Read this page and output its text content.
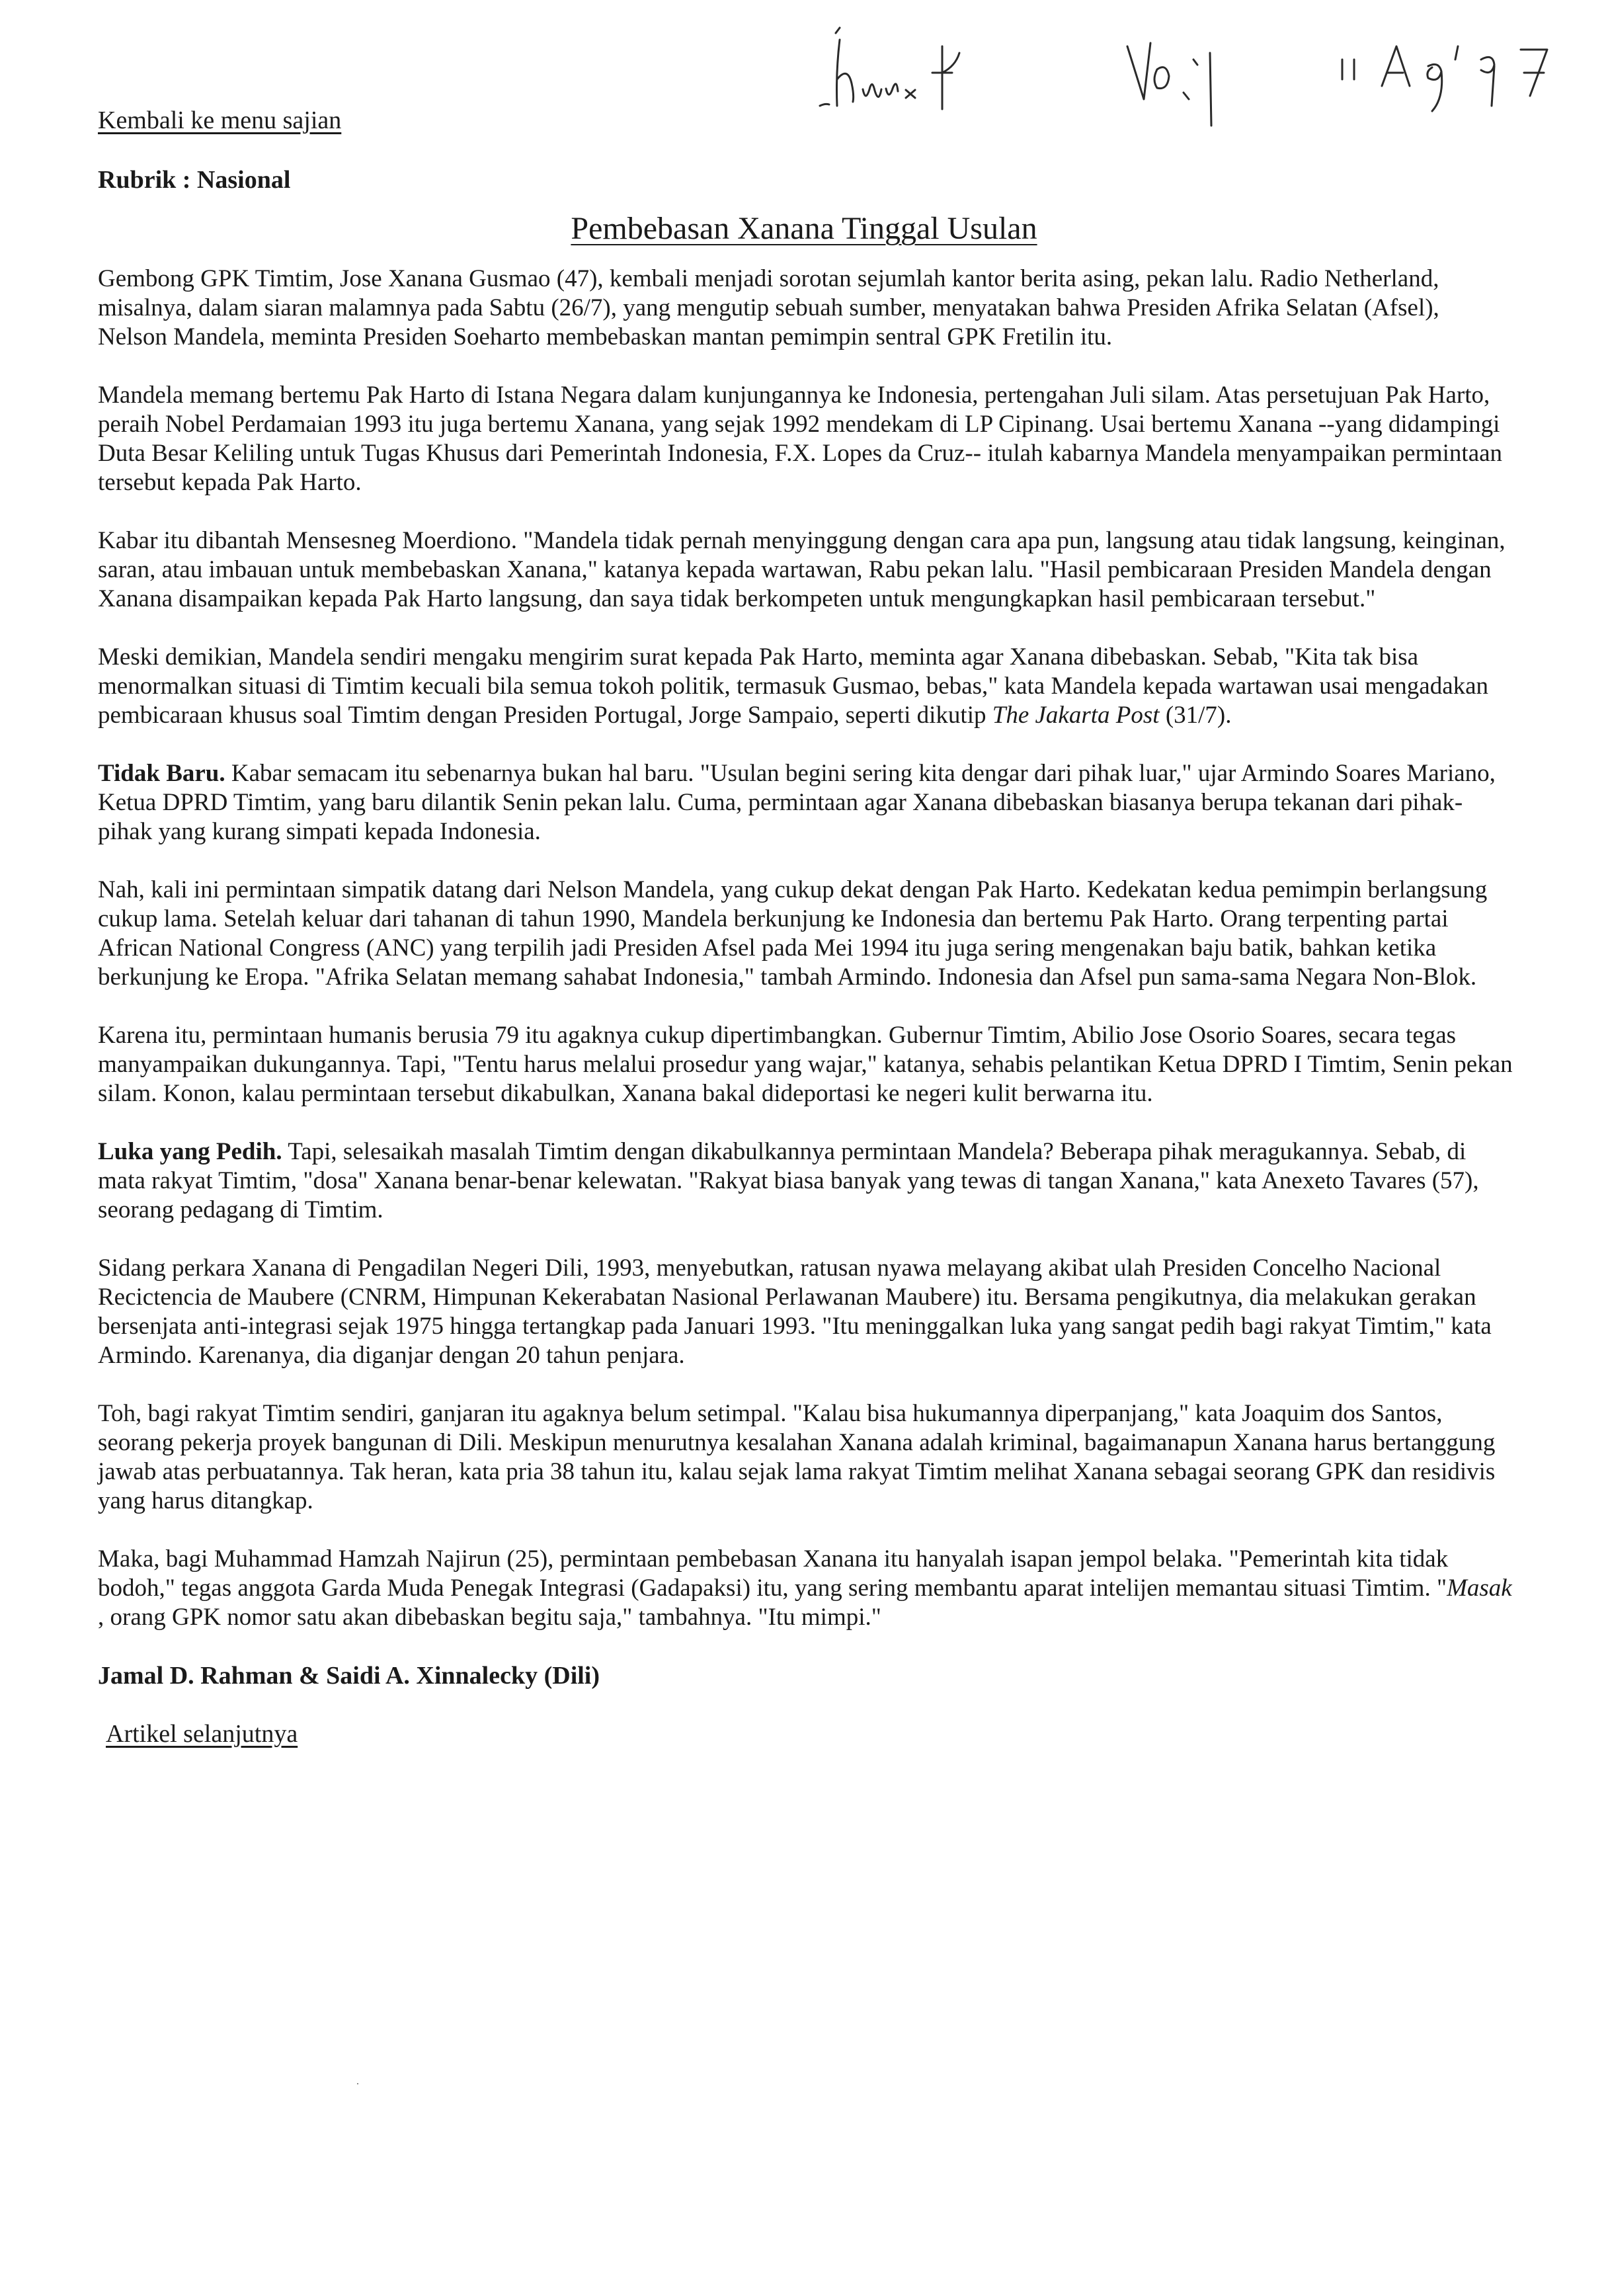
Kembali ke menu sajian
Rubrik : Nasional
Pembebasan Xanana Tinggal Usulan

Gembong GPK Timtim, Jose Xanana Gusmao (47), kembali menjadi sorotan sejumlah kantor berita asing, pekan lalu. Radio Netherland, misalnya, dalam siaran malamnya pada Sabtu (26/7), yang mengutip sebuah sumber, menyatakan bahwa Presiden Afrika Selatan (Afsel), Nelson Mandela, meminta Presiden Soeharto membebaskan mantan pemimpin sentral GPK Fretilin itu.

Mandela memang bertemu Pak Harto di Istana Negara dalam kunjungannya ke Indonesia, pertengahan Juli silam. Atas persetujuan Pak Harto, peraih Nobel Perdamaian 1993 itu juga bertemu Xanana, yang sejak 1992 mendekam di LP Cipinang. Usai bertemu Xanana --yang didampingi Duta Besar Keliling untuk Tugas Khusus dari Pemerintah Indonesia, F.X. Lopes da Cruz-- itulah kabarnya Mandela menyampaikan permintaan tersebut kepada Pak Harto.

Kabar itu dibantah Mensesneg Moerdiono. "Mandela tidak pernah menyinggung dengan cara apa pun, langsung atau tidak langsung, keinginan, saran, atau imbauan untuk membebaskan Xanana," katanya kepada wartawan, Rabu pekan lalu. "Hasil pembicaraan Presiden Mandela dengan Xanana disampaikan kepada Pak Harto langsung, dan saya tidak berkompeten untuk mengungkapkan hasil pembicaraan tersebut."

Meski demikian, Mandela sendiri mengaku mengirim surat kepada Pak Harto, meminta agar Xanana dibebaskan. Sebab, "Kita tak bisa menormalkan situasi di Timtim kecuali bila semua tokoh politik, termasuk Gusmao, bebas," kata Mandela kepada wartawan usai mengadakan pembicaraan khusus soal Timtim dengan Presiden Portugal, Jorge Sampaio, seperti dikutip The Jakarta Post (31/7).

Tidak Baru. Kabar semacam itu sebenarnya bukan hal baru. "Usulan begini sering kita dengar dari pihak luar," ujar Armindo Soares Mariano, Ketua DPRD Timtim, yang baru dilantik Senin pekan lalu. Cuma, permintaan agar Xanana dibebaskan biasanya berupa tekanan dari pihak-pihak yang kurang simpati kepada Indonesia.

Nah, kali ini permintaan simpatik datang dari Nelson Mandela, yang cukup dekat dengan Pak Harto. Kedekatan kedua pemimpin berlangsung cukup lama. Setelah keluar dari tahanan di tahun 1990, Mandela berkunjung ke Indonesia dan bertemu Pak Harto. Orang terpenting partai African National Congress (ANC) yang terpilih jadi Presiden Afsel pada Mei 1994 itu juga sering mengenakan baju batik, bahkan ketika berkunjung ke Eropa. "Afrika Selatan memang sahabat Indonesia," tambah Armindo. Indonesia dan Afsel pun sama-sama Negara Non-Blok.

Karena itu, permintaan humanis berusia 79 itu agaknya cukup dipertimbangkan. Gubernur Timtim, Abilio Jose Osorio Soares, secara tegas manyampaikan dukungannya. Tapi, "Tentu harus melalui prosedur yang wajar," katanya, sehabis pelantikan Ketua DPRD I Timtim, Senin pekan silam. Konon, kalau permintaan tersebut dikabulkan, Xanana bakal dideportasi ke negeri kulit berwarna itu.

Luka yang Pedih. Tapi, selesaikah masalah Timtim dengan dikabulkannya permintaan Mandela? Beberapa pihak meragukannya. Sebab, di mata rakyat Timtim, "dosa" Xanana benar-benar kelewatan. "Rakyat biasa banyak yang tewas di tangan Xanana," kata Anexeto Tavares (57), seorang pedagang di Timtim.

Sidang perkara Xanana di Pengadilan Negeri Dili, 1993, menyebutkan, ratusan nyawa melayang akibat ulah Presiden Concelho Nacional Recictencia de Maubere (CNRM, Himpunan Kekerabatan Nasional Perlawanan Maubere) itu. Bersama pengikutnya, dia melakukan gerakan bersenjata anti-integrasi sejak 1975 hingga tertangkap pada Januari 1993. "Itu meninggalkan luka yang sangat pedih bagi rakyat Timtim," kata Armindo. Karenanya, dia diganjar dengan 20 tahun penjara.

Toh, bagi rakyat Timtim sendiri, ganjaran itu agaknya belum setimpal. "Kalau bisa hukumannya diperpanjang," kata Joaquim dos Santos, seorang pekerja proyek bangunan di Dili. Meskipun menurutnya kesalahan Xanana adalah kriminal, bagaimanapun Xanana harus bertanggung jawab atas perbuatannya. Tak heran, kata pria 38 tahun itu, kalau sejak lama rakyat Timtim melihat Xanana sebagai seorang GPK dan residivis yang harus ditangkap.

Maka, bagi Muhammad Hamzah Najirun (25), permintaan pembebasan Xanana itu hanyalah isapan jempol belaka. "Pemerintah kita tidak bodoh," tegas anggota Garda Muda Penegak Integrasi (Gadapaksi) itu, yang sering membantu aparat intelijen memantau situasi Timtim. "Masak , orang GPK nomor satu akan dibebaskan begitu saja," tambahnya. "Itu mimpi."

Jamal D. Rahman & Saidi A. Xinnalecky (Dili)
Artikel selanjutnya
